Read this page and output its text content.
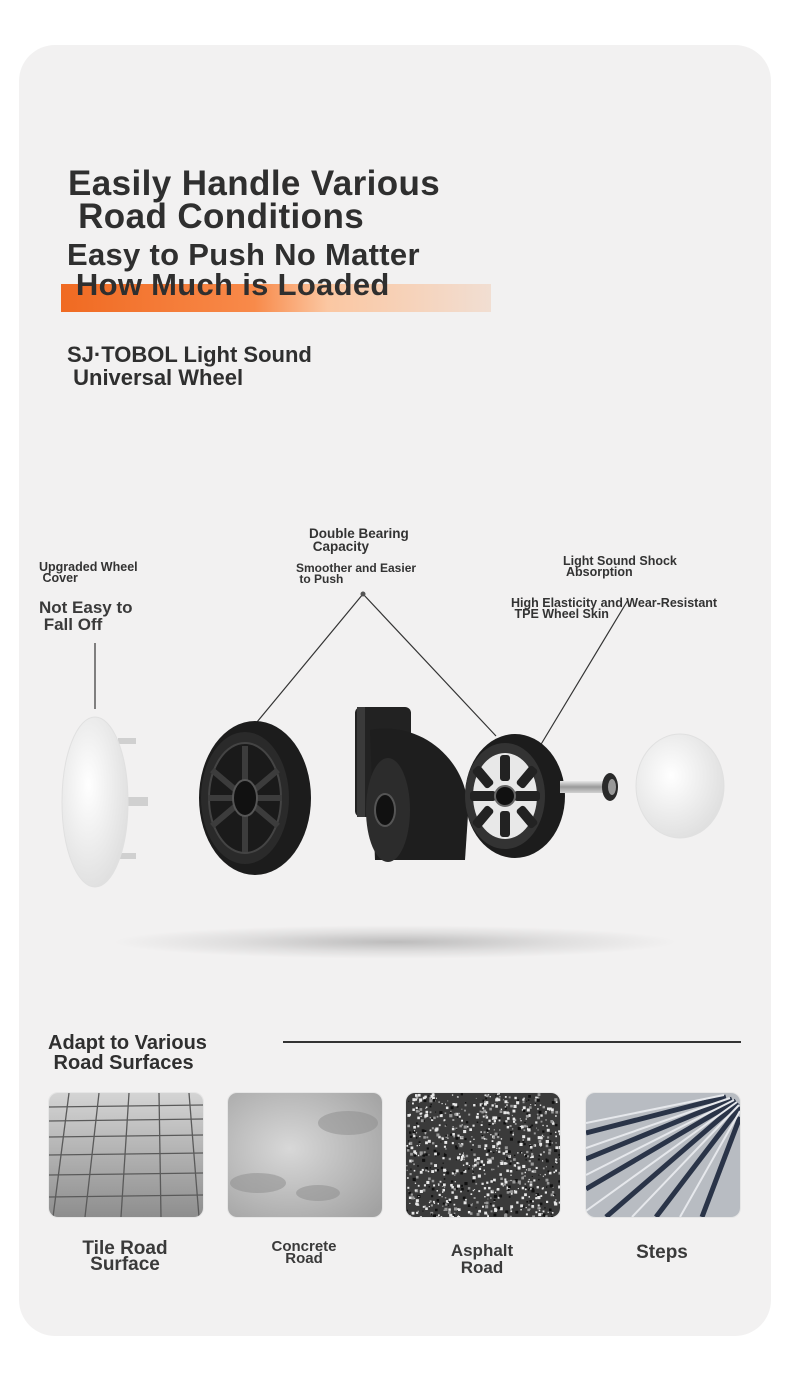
Easily Handle Various
Road Conditions
Easy to Push No Matter
How Much is Loaded
SJ·TOBOL Light Sound
Universal Wheel
Upgraded Wheel
Cover
Not Easy to
Fall Off
Double Bearing
Capacity
Smoother and Easier
to Push
Light Sound Shock
Absorption
High Elasticity and Wear-Resistant
TPE Wheel Skin
Adapt to Various
Road Surfaces
Tile Road
Surface
Concrete
Road	Asphalt
Road
Steps
